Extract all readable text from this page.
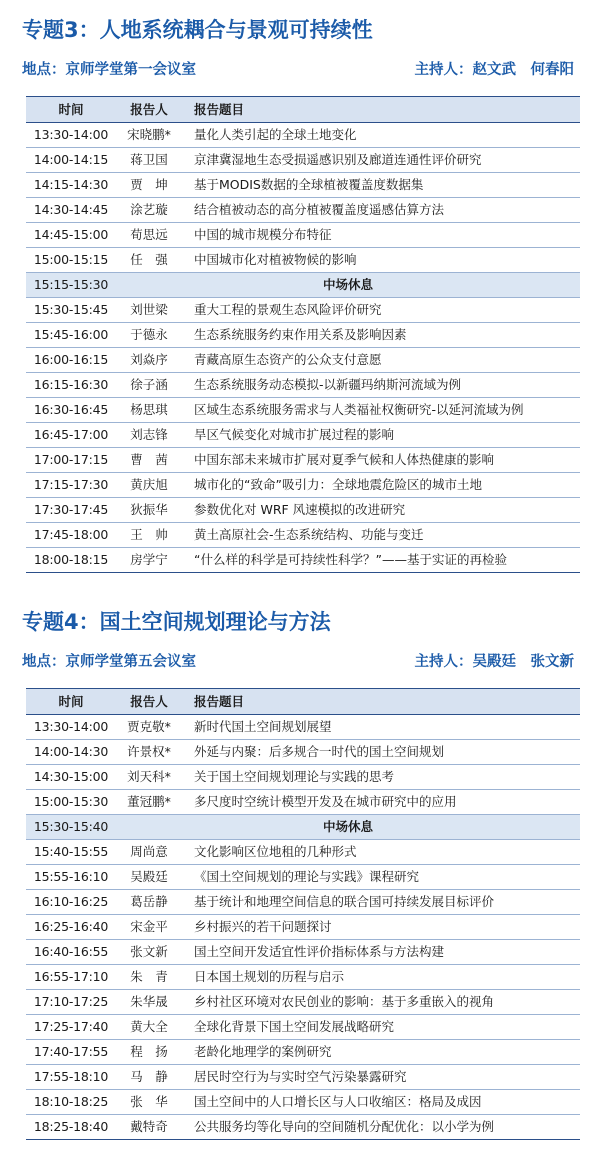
专题3：人地系统耦合与景观可持续性
地点：京师学堂第一会议室	主持人：赵文武　何春阳
时间	报告人	报告题目
13:30-14:00	宋晓鹏*	量化人类引起的全球土地变化
14:00-14:15	蒋卫国	京津冀湿地生态受损遥感识别及廊道连通性评价研究
14:15-14:30	贾　坤	基于MODIS数据的全球植被覆盖度数据集
14:30-14:45	涂艺璇	结合植被动态的高分植被覆盖度遥感估算方法
14:45-15:00	荀思远	中国的城市规模分布特征
15:00-15:15	任　强	中国城市化对植被物候的影响
15:15-15:30	中场休息	
15:30-15:45	刘世梁	重大工程的景观生态风险评价研究
15:45-16:00	于德永	生态系统服务约束作用关系及影响因素
16:00-16:15	刘焱序	青藏高原生态资产的公众支付意愿
16:15-16:30	徐子涵	生态系统服务动态模拟-以新疆玛纳斯河流域为例
16:30-16:45	杨思琪	区域生态系统服务需求与人类福祉权衡研究-以延河流域为例
16:45-17:00	刘志锋	旱区气候变化对城市扩展过程的影响
17:00-17:15	曹　茜	中国东部未来城市扩展对夏季气候和人体热健康的影响
17:15-17:30	黄庆旭	城市化的“致命”吸引力：全球地震危险区的城市土地
17:30-17:45	狄振华	参数优化对 WRF 风速模拟的改进研究
17:45-18:00	王　帅	黄土高原社会-生态系统结构、功能与变迁
18:00-18:15	房学宁	“什么样的科学是可持续性科学？”——基于实证的再检验
专题4：国土空间规划理论与方法
地点：京师学堂第五会议室	主持人：吴殿廷　张文新
时间	报告人	报告题目
13:30-14:00	贾克敬*	新时代国土空间规划展望
14:00-14:30	许景权*	外延与内聚：后多规合一时代的国土空间规划
14:30-15:00	刘天科*	关于国土空间规划理论与实践的思考
15:00-15:30	董冠鹏*	多尺度时空统计模型开发及在城市研究中的应用
15:30-15:40	中场休息	
15:40-15:55	周尚意	文化影响区位地租的几种形式
15:55-16:10	吴殿廷	《国土空间规划的理论与实践》课程研究
16:10-16:25	葛岳静	基于统计和地理空间信息的联合国可持续发展目标评价
16:25-16:40	宋金平	乡村振兴的若干问题探讨
16:40-16:55	张文新	国土空间开发适宜性评价指标体系与方法构建
16:55-17:10	朱　青	日本国土规划的历程与启示
17:10-17:25	朱华晟	乡村社区环境对农民创业的影响：基于多重嵌入的视角
17:25-17:40	黄大全	全球化背景下国土空间发展战略研究
17:40-17:55	程　扬	老龄化地理学的案例研究
17:55-18:10	马　静	居民时空行为与实时空气污染暴露研究
18:10-18:25	张　华	国土空间中的人口增长区与人口收缩区：格局及成因
18:25-18:40	戴特奇	公共服务均等化导向的空间随机分配优化：以小学为例
